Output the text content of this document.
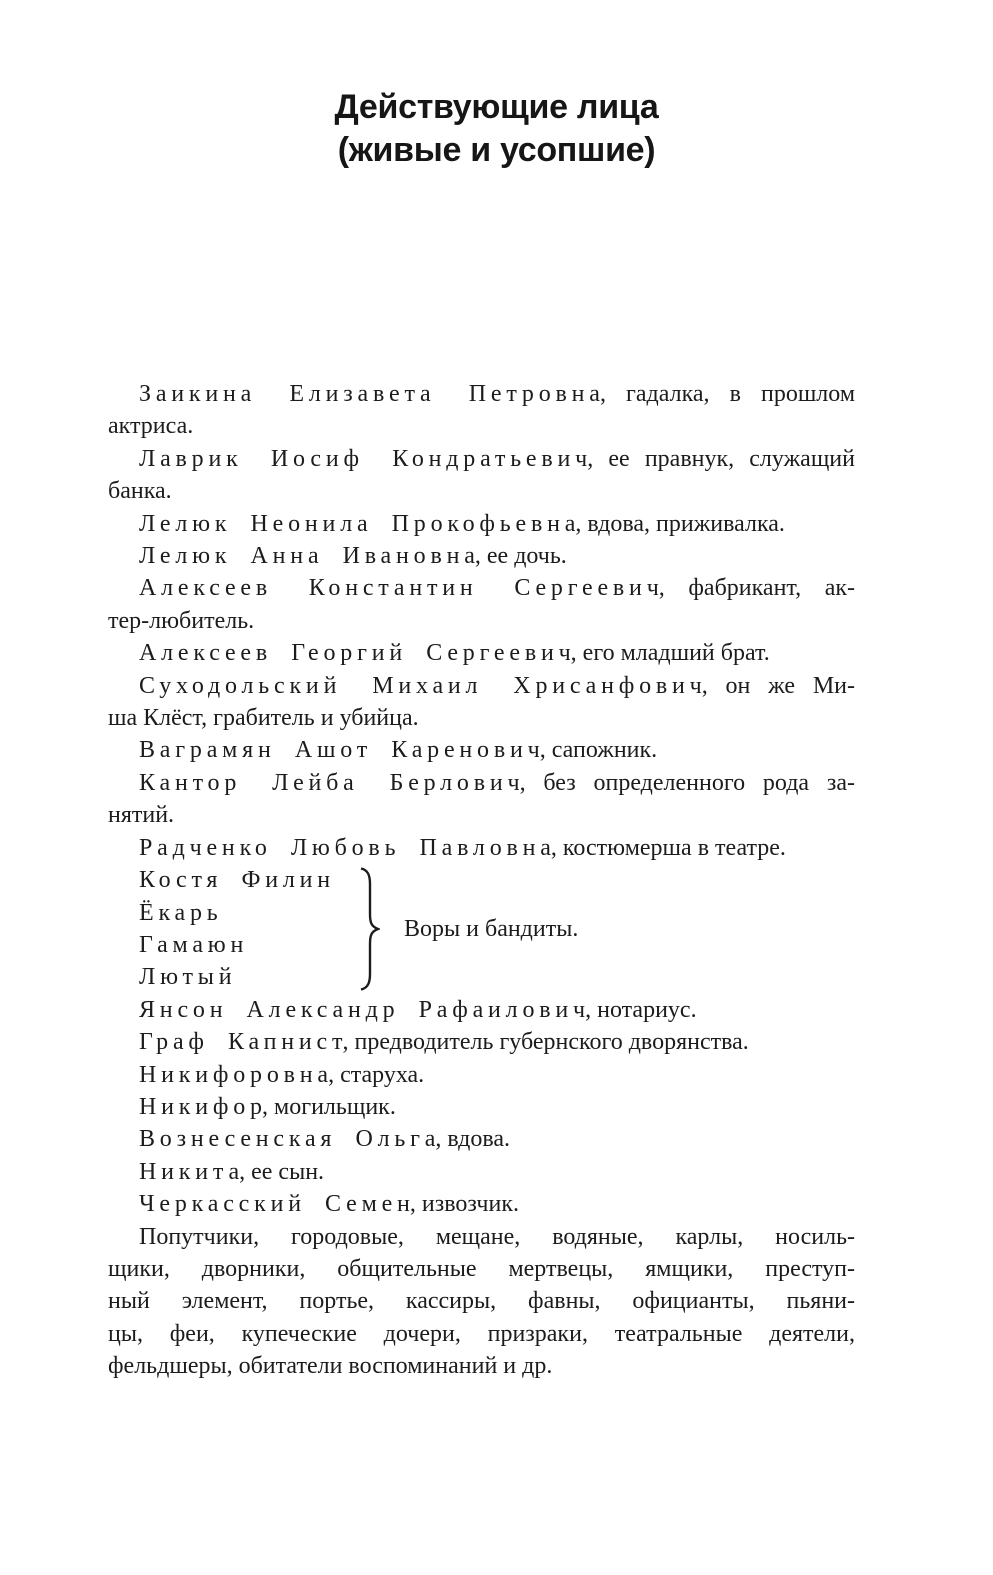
Действующие лица
(живые и усопшие)
Заикина Елизавета Петровна, гадалка, в прошлом
актриса.
Лаврик Иосиф Кондратьевич, ее правнук, служащий
банка.
Лелюк Неонила Прокофьевна, вдова, приживалка.
Лелюк Анна Ивановна, ее дочь.
Алексеев Константин Сергеевич, фабрикант, ак-
тер-любитель.
Алексеев Георгий Сергеевич, его младший брат.
Суходольский Михаил Хрисанфович, он же Ми-
ша Клёст, грабитель и убийца.
Ваграмян Ашот Каренович, сапожник.
Кантор Лейба Берлович, без определенного рода за-
нятий.
Радченко Любовь Павловна, костюмерша в театре.
Костя Филин
Ёкарь
Гамаюн
Лютый
Воры и бандиты.
Янсон Александр Рафаилович, нотариус.
Граф Капнист, предводитель губернского дворянства.
Никифоровна, старуха.
Никифор, могильщик.
Вознесенская Ольга, вдова.
Никита, ее сын.
Черкасский Семен, извозчик.
Попутчики, городовые, мещане, водяные, карлы, носиль-
щики, дворники, общительные мертвецы, ямщики, преступ-
ный элемент, портье, кассиры, фавны, официанты, пьяни-
цы, феи, купеческие дочери, призраки, театральные деятели,
фельдшеры, обитатели воспоминаний и др.
